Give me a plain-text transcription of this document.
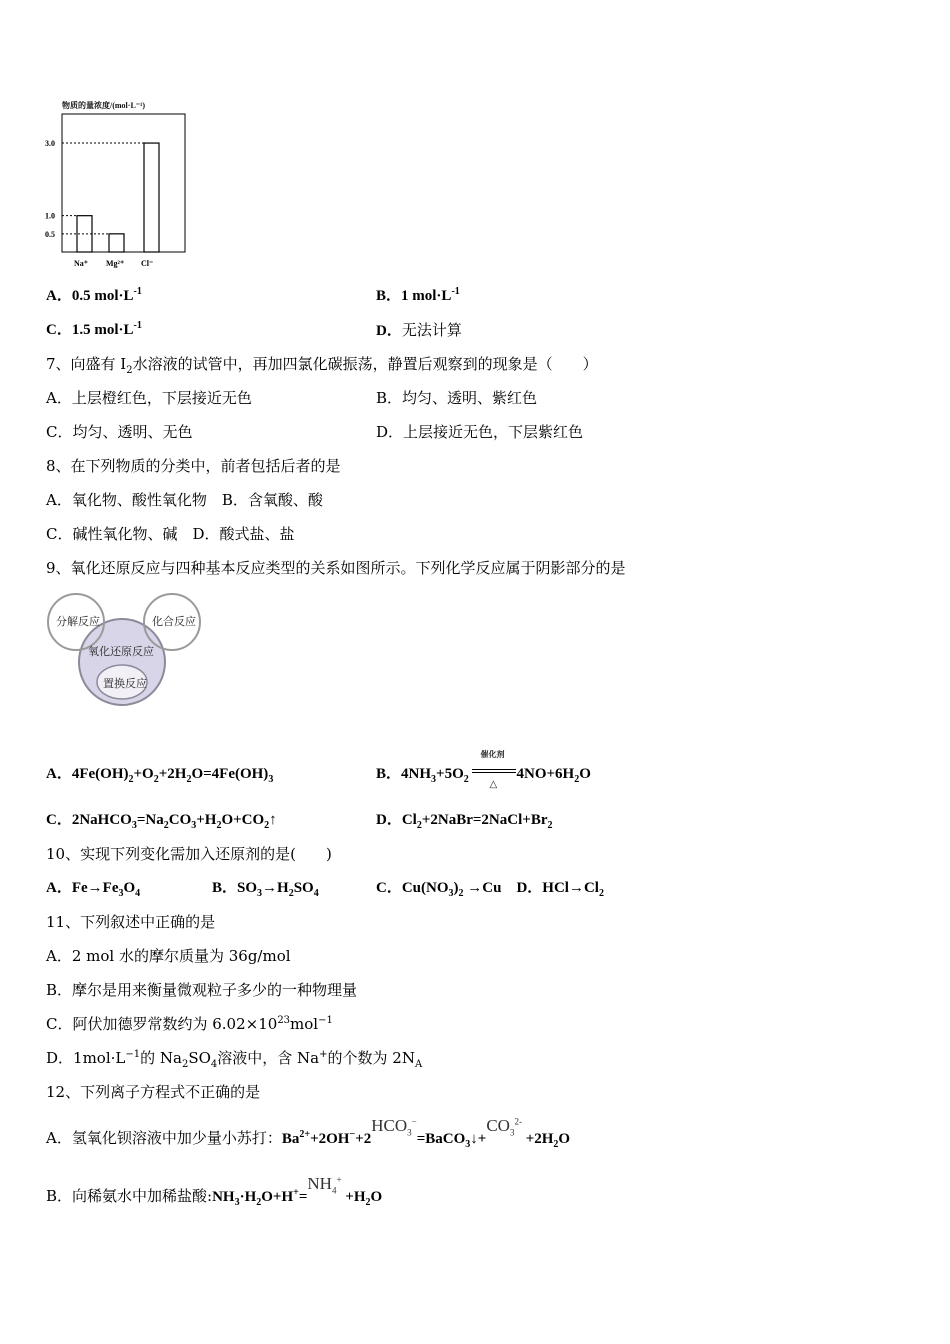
物质的量浓度/(mol·L⁻¹)
0.5
1.0
3.0
Na⁺ Mg²⁺ Cl⁻
A．0.5 $mol\cdot L^{-1}$	B．1 $mol\cdot L^{-1}$
C．1.5 $mol\cdot L^{-1}$	D．无法计算
7、向盛有 $I_2$水溶液的试管中，再加四氯化碳振荡，静置后观察到的现象是（　　）
A．上层橙红色，下层接近无色	B．均匀、透明、紫红色
C．均匀、透明、无色	D．上层接近无色，下层紫红色
8、在下列物质的分类中，前者包括后者的是
A．氧化物、酸性氧化物　B．含氧酸、酸
C．碱性氧化物、碱　D．酸式盐、盐
9、氧化还原反应与四种基本反应类型的关系如图所示。下列化学反应属于阴影部分的是
分解反应	化合反应
氧化还原反应
置换反应
A．$4Fe(OH)_2+O_2+2H_2O=4Fe(OH)_3$	B．$4NH_3+5O_2$
催化剂
△
$4NO+6H_2O$
C．$2NaHCO_3=Na_2CO_3+H_2O+CO_2↑$	D．$Cl_2+2NaBr=2NaCl+Br_2$
10、实现下列变化需加入还原剂的是(　　)
A．$Fe\to Fe_3O_4$	B．$SO_3\to H_2SO_4$	C．$Cu(NO_3)_2 \to Cu$　D．$HCl\to Cl_2$
11、下列叙述中正确的是
A．2 mol 水的摩尔质量为 36g/mol
B．摩尔是用来衡量微观粒子多少的一种物理量
C．阿伏加德罗常数约为 $6.02\times 10^{23}mol^{-1}$
D．$1mol\cdot L^{-1}$的 $Na_2SO_4$溶液中，含 Na+的个数为 $2N_A$
12、下列离子方程式不正确的是
A．氢氧化钡溶液中加少量小苏打：$Ba^{2+}+2OH^-+2HCO_3^-=BaCO_3↓+CO_3^{2-} +2H_2O$
B．向稀氨水中加稀盐酸$:NH_3\cdot H_2O+H^+=NH_4^+ +H_2O$
